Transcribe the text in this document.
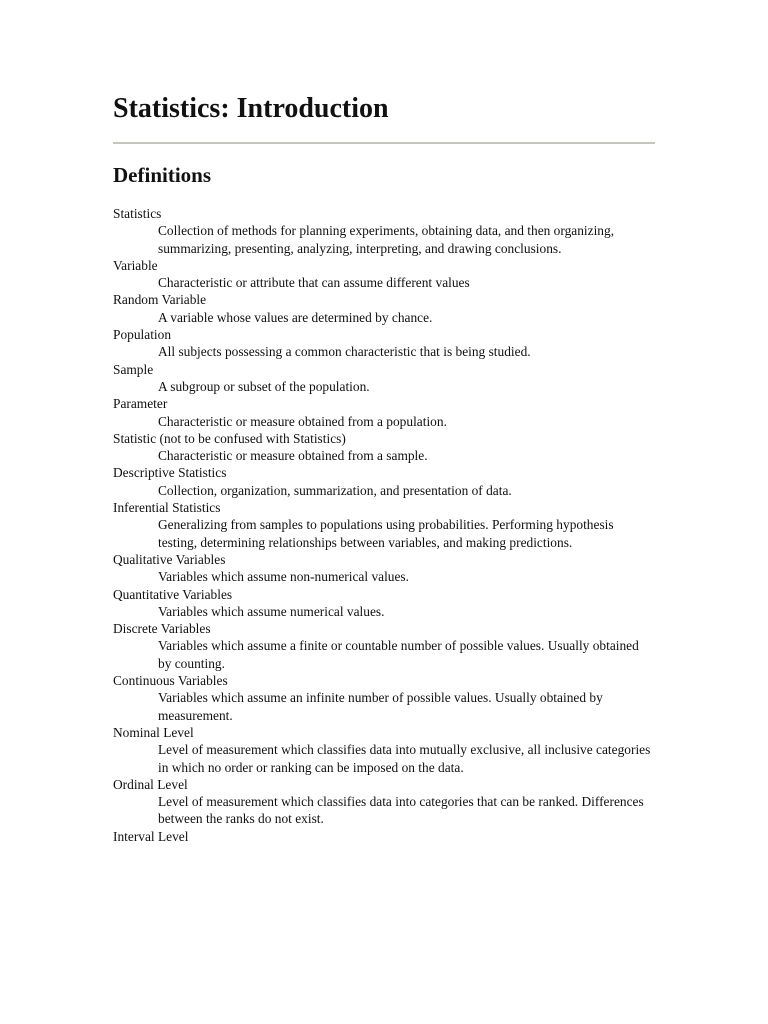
Statistics: Introduction
Definitions
Statistics
Collection of methods for planning experiments, obtaining data, and then organizing, summarizing, presenting, analyzing, interpreting, and drawing conclusions.
Variable
Characteristic or attribute that can assume different values
Random Variable
A variable whose values are determined by chance.
Population
All subjects possessing a common characteristic that is being studied.
Sample
A subgroup or subset of the population.
Parameter
Characteristic or measure obtained from a population.
Statistic (not to be confused with Statistics)
Characteristic or measure obtained from a sample.
Descriptive Statistics
Collection, organization, summarization, and presentation of data.
Inferential Statistics
Generalizing from samples to populations using probabilities. Performing hypothesis testing, determining relationships between variables, and making predictions.
Qualitative Variables
Variables which assume non-numerical values.
Quantitative Variables
Variables which assume numerical values.
Discrete Variables
Variables which assume a finite or countable number of possible values. Usually obtained by counting.
Continuous Variables
Variables which assume an infinite number of possible values. Usually obtained by measurement.
Nominal Level
Level of measurement which classifies data into mutually exclusive, all inclusive categories in which no order or ranking can be imposed on the data.
Ordinal Level
Level of measurement which classifies data into categories that can be ranked. Differences between the ranks do not exist.
Interval Level
